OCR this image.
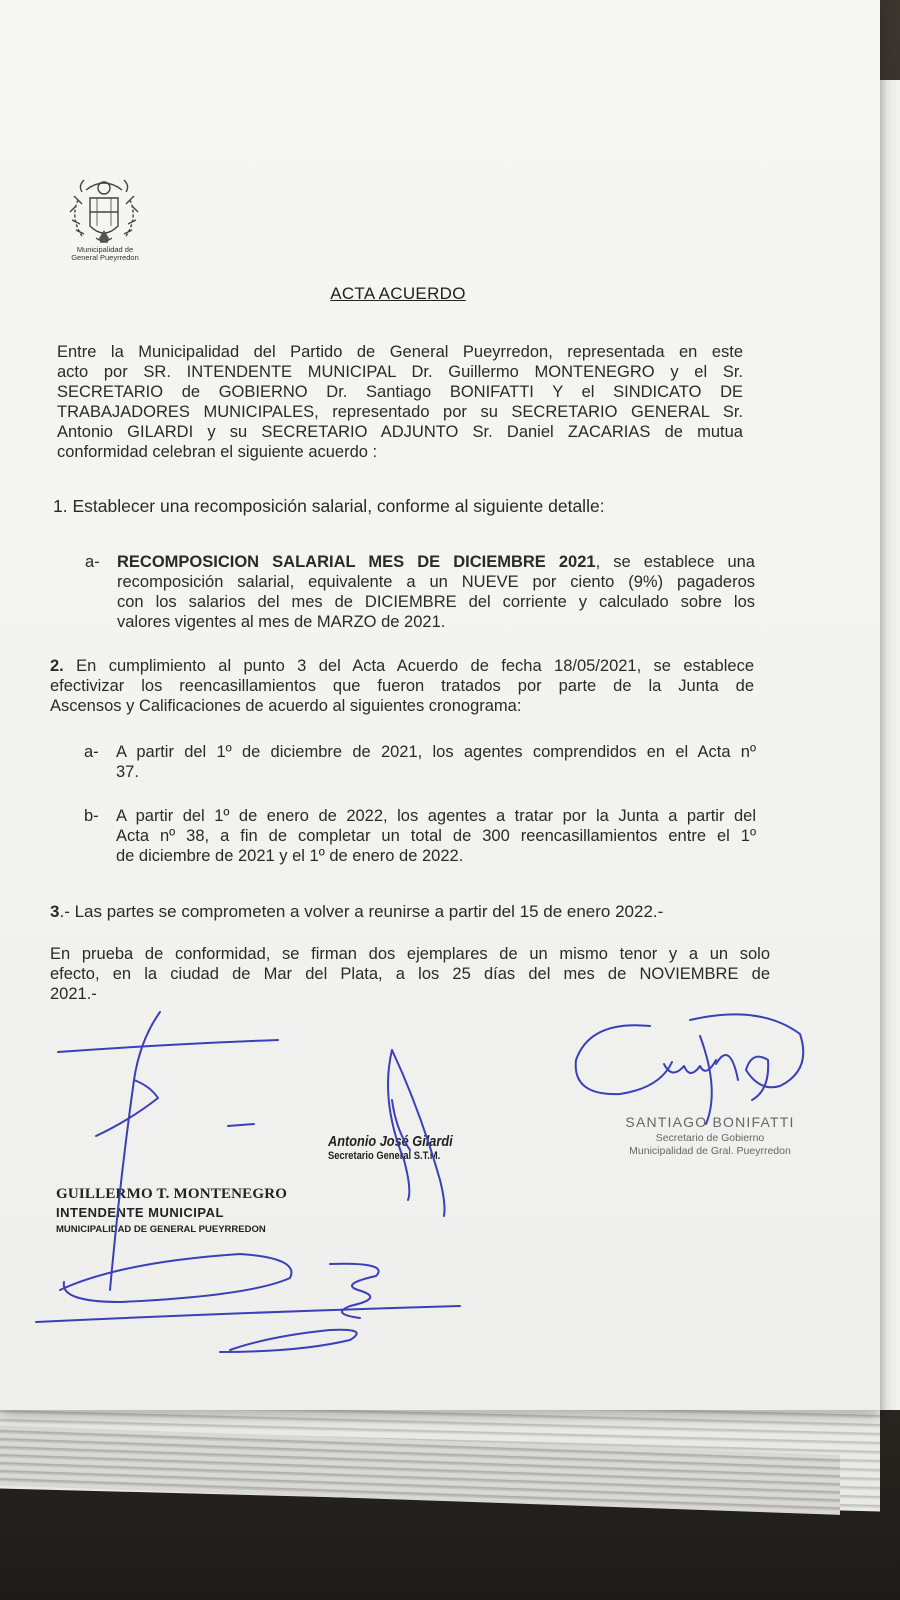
Municipalidad de
General Pueyrredon
ACTA ACUERDO
Entre la Municipalidad del Partido de General Pueyrredon, representada en este
acto por SR. INTENDENTE MUNICIPAL Dr. Guillermo MONTENEGRO y el Sr.
SECRETARIO de GOBIERNO Dr. Santiago BONIFATTI Y el SINDICATO DE
TRABAJADORES MUNICIPALES, representado por su SECRETARIO GENERAL Sr.
Antonio GILARDI y su SECRETARIO ADJUNTO Sr. Daniel ZACARIAS de mutua
conformidad celebran el siguiente acuerdo :
1. Establecer una recomposición salarial, conforme al siguiente detalle:
a- RECOMPOSICION SALARIAL MES DE DICIEMBRE 2021, se establece una
recomposición salarial, equivalente a un NUEVE por ciento (9%) pagaderos
con los salarios del mes de DICIEMBRE del corriente y calculado sobre los
valores vigentes al mes de MARZO de 2021.
2. En cumplimiento al punto 3 del Acta Acuerdo de fecha 18/05/2021, se establece
efectivizar los reencasillamientos que fueron tratados por parte de la Junta de
Ascensos y Calificaciones de acuerdo al siguientes cronograma:
a- A partir del 1º de diciembre de 2021, los agentes comprendidos en el Acta nº
37.
b- A partir del 1º de enero de 2022, los agentes a tratar por la Junta a partir del
Acta nº 38, a fin de completar un total de 300 reencasillamientos entre el 1º
de diciembre de 2021 y el 1º de enero de 2022.
3.- Las partes se comprometen a volver a reunirse a partir del 15 de enero 2022.-
En prueba de conformidad, se firman dos ejemplares de un mismo tenor y a un solo
efecto, en la ciudad de Mar del Plata, a los 25 días del mes de NOVIEMBRE de
2021.-
GUILLERMO T. MONTENEGRO
INTENDENTE MUNICIPAL
MUNICIPALIDAD DE GENERAL PUEYRREDON
Antonio José Gilardi
Secretario General S.T.M.
SANTIAGO BONIFATTI
Secretario de Gobierno
Municipalidad de Gral. Pueyrredon
